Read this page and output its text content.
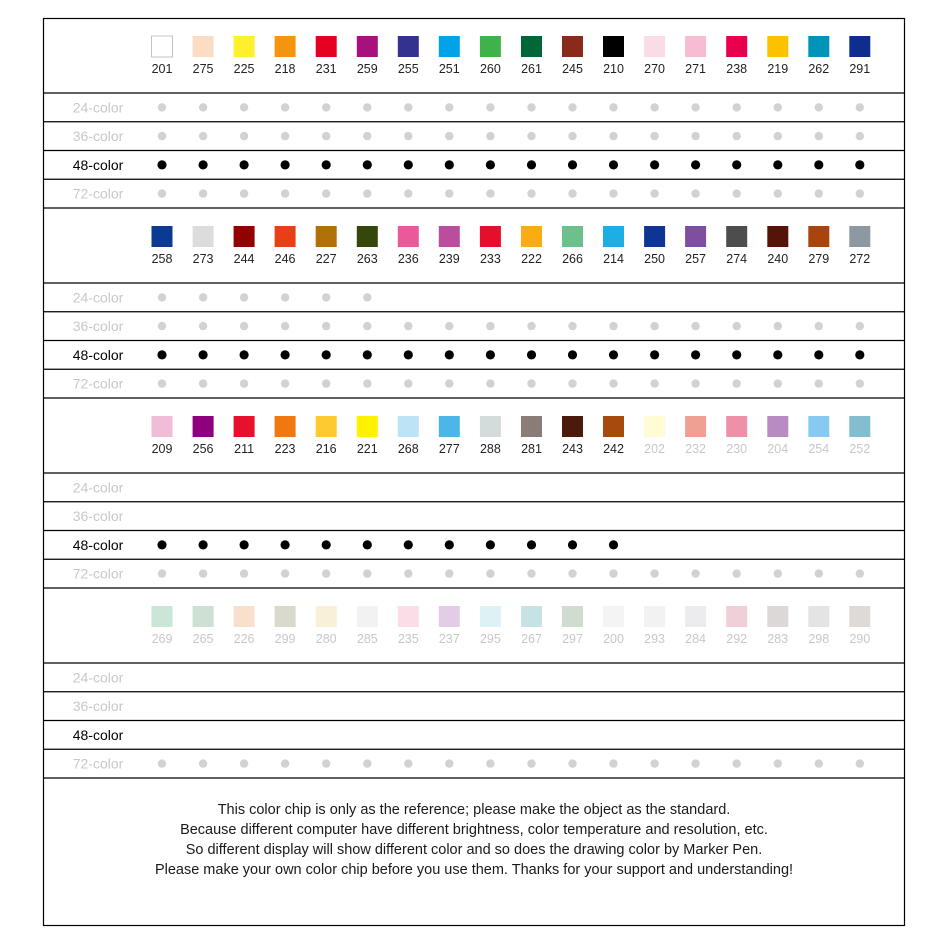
201 275 225 218 231 259 255 251 260 261 245 210 270 271 238 219 262 291
24-color
36-color
48-color
72-color
258 273 244 246 227 263 236 239 233 222 266 214 250 257 274 240 279 272
24-color
36-color
48-color
72-color
209 256 211 223 216 221 268 277 288 281 243 242 202 232 230 204 254 252
24-color
36-color
48-color
72-color
269 265 226 299 280 285 235 237 295 267 297 200 293 284 292 283 298 290
24-color
36-color
48-color
72-color
This color chip is only as the reference; please make the object as the standard.
Because different computer have different brightness, color temperature and resolution, etc.
So different display will show different color and so does the drawing color by Marker Pen.
Please make your own color chip before you use them. Thanks for your support and understanding!
